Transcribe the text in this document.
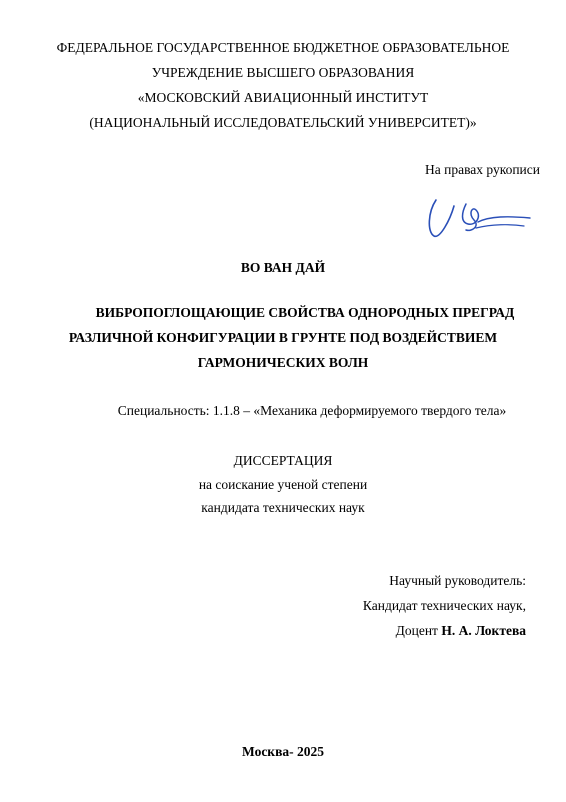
ФЕДЕРАЛЬНОЕ ГОСУДАРСТВЕННОЕ БЮДЖЕТНОЕ ОБРАЗОВАТЕЛЬНОЕ
УЧРЕЖДЕНИЕ ВЫСШЕГО ОБРАЗОВАНИЯ
«МОСКОВСКИЙ АВИАЦИОННЫЙ ИНСТИТУТ
(НАЦИОНАЛЬНЫЙ ИССЛЕДОВАТЕЛЬСКИЙ УНИВЕРСИТЕТ)»
На правах рукописи
ВО ВАН ДАЙ
ВИБРОПОГЛОЩАЮЩИЕ СВОЙСТВА ОДНОРОДНЫХ ПРЕГРАД
РАЗЛИЧНОЙ КОНФИГУРАЦИИ В ГРУНТЕ ПОД ВОЗДЕЙСТВИЕМ
ГАРМОНИЧЕСКИХ ВОЛН
Специальность: 1.1.8 – «Механика деформируемого твердого тела»
ДИССЕРТАЦИЯ
на соискание ученой степени
кандидата технических наук
Научный руководитель:
Кандидат технических наук,
Доцент Н. А. Локтева
Москва- 2025
